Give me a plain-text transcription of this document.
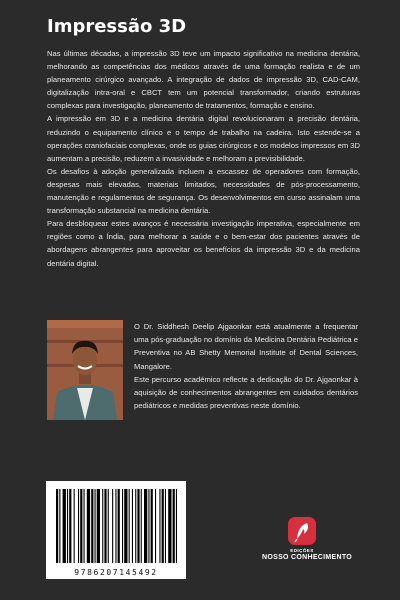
Impressão 3D

Nas últimas décadas, a impressão 3D teve um impacto significativo na medicina dentária, melhorando as competências dos médicos através de uma formação realista e de um planeamento cirúrgico avançado. A integração de dados de impressão 3D, CAD-CAM, digitalização intra-oral e CBCT tem um potencial transformador, criando estruturas complexas para investigação, planeamento de tratamentos, formação e ensino.

A impressão em 3D e a medicina dentária digital revolucionaram a precisão dentária, reduzindo o equipamento clínico e o tempo de trabalho na cadeira. Isto estende-se a operações craniofaciais complexas, onde os guias cirúrgicos e os modelos impressos em 3D aumentam a precisão, reduzem a invasividade e melhoram a previsibilidade.

Os desafios à adoção generalizada incluem a escassez de operadores com formação, despesas mais elevadas, materiais limitados, necessidades de pós-processamento, manutenção e regulamentos de segurança. Os desenvolvimentos em curso assinalam uma transformação substancial na medicina dentária.

Para desbloquear estes avanços é necessária investigação imperativa, especialmente em regiões como a Índia, para melhorar a saúde e o bem-estar dos pacientes através de abordagens abrangentes para aproveitar os benefícios da impressão 3D e da medicina dentária digital.

O Dr. Siddhesh Deelip Ajgaonkar está atualmente a frequentar uma pós-graduação no domínio da Medicina Dentária Pediátrica e Preventiva no AB Shetty Memorial Institute of Dental Sciences, Mangalore.

Este percurso académico reflecte a dedicação do Dr. Ajgaonkar à aquisição de conhecimentos abrangentes em cuidados dentários pediátricos e medidas preventivas neste domínio.

9786207145492
EDIÇÕES
NOSSO CONHECIMENTO
